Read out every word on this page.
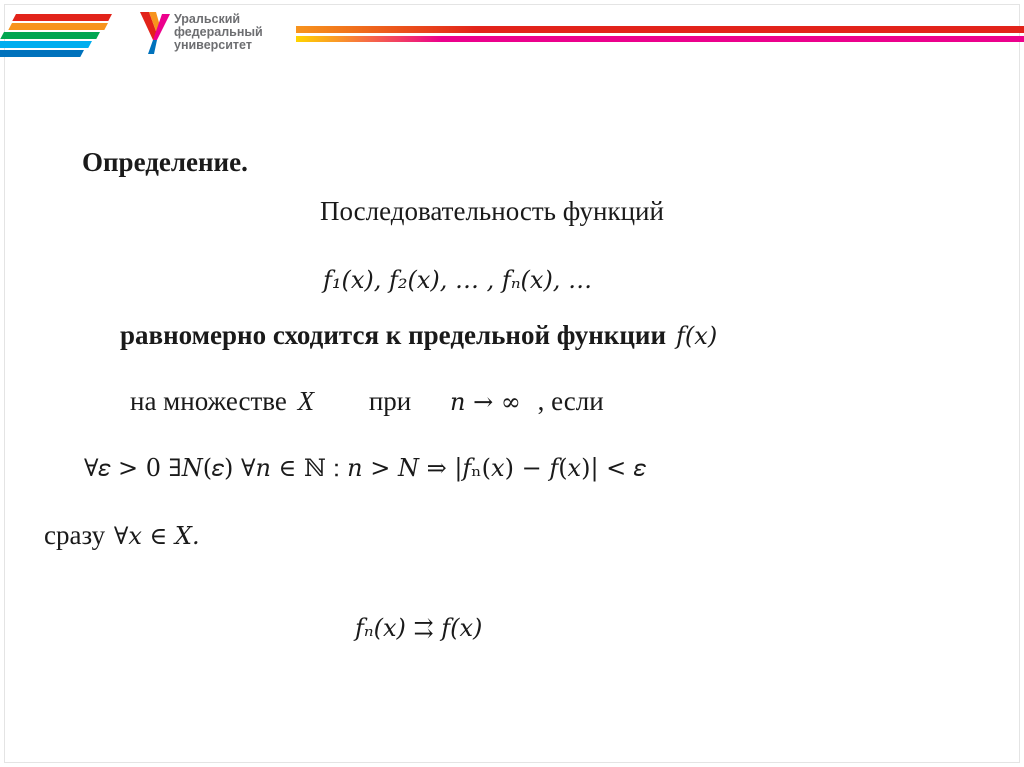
Уральский
федеральный
университет
Определение.
Последовательность функций
𝑓₁(𝑥), 𝑓₂(𝑥), … , 𝑓ₙ(𝑥), …
равномерно сходится к предельной функции 𝑓(𝑥)
на множестве X при 𝑛 → ∞ , если
∀𝜀 > 0 ∃𝑁(𝜀) ∀𝑛 ∈ ℕ ∶ 𝑛 > 𝑁 ⇒ |𝑓ₙ(𝑥) − 𝑓(𝑥)| < 𝜀
сразу ∀𝑥 ∈ 𝑋.
𝑓ₙ(𝑥) ⇉ 𝑓(𝑥)
